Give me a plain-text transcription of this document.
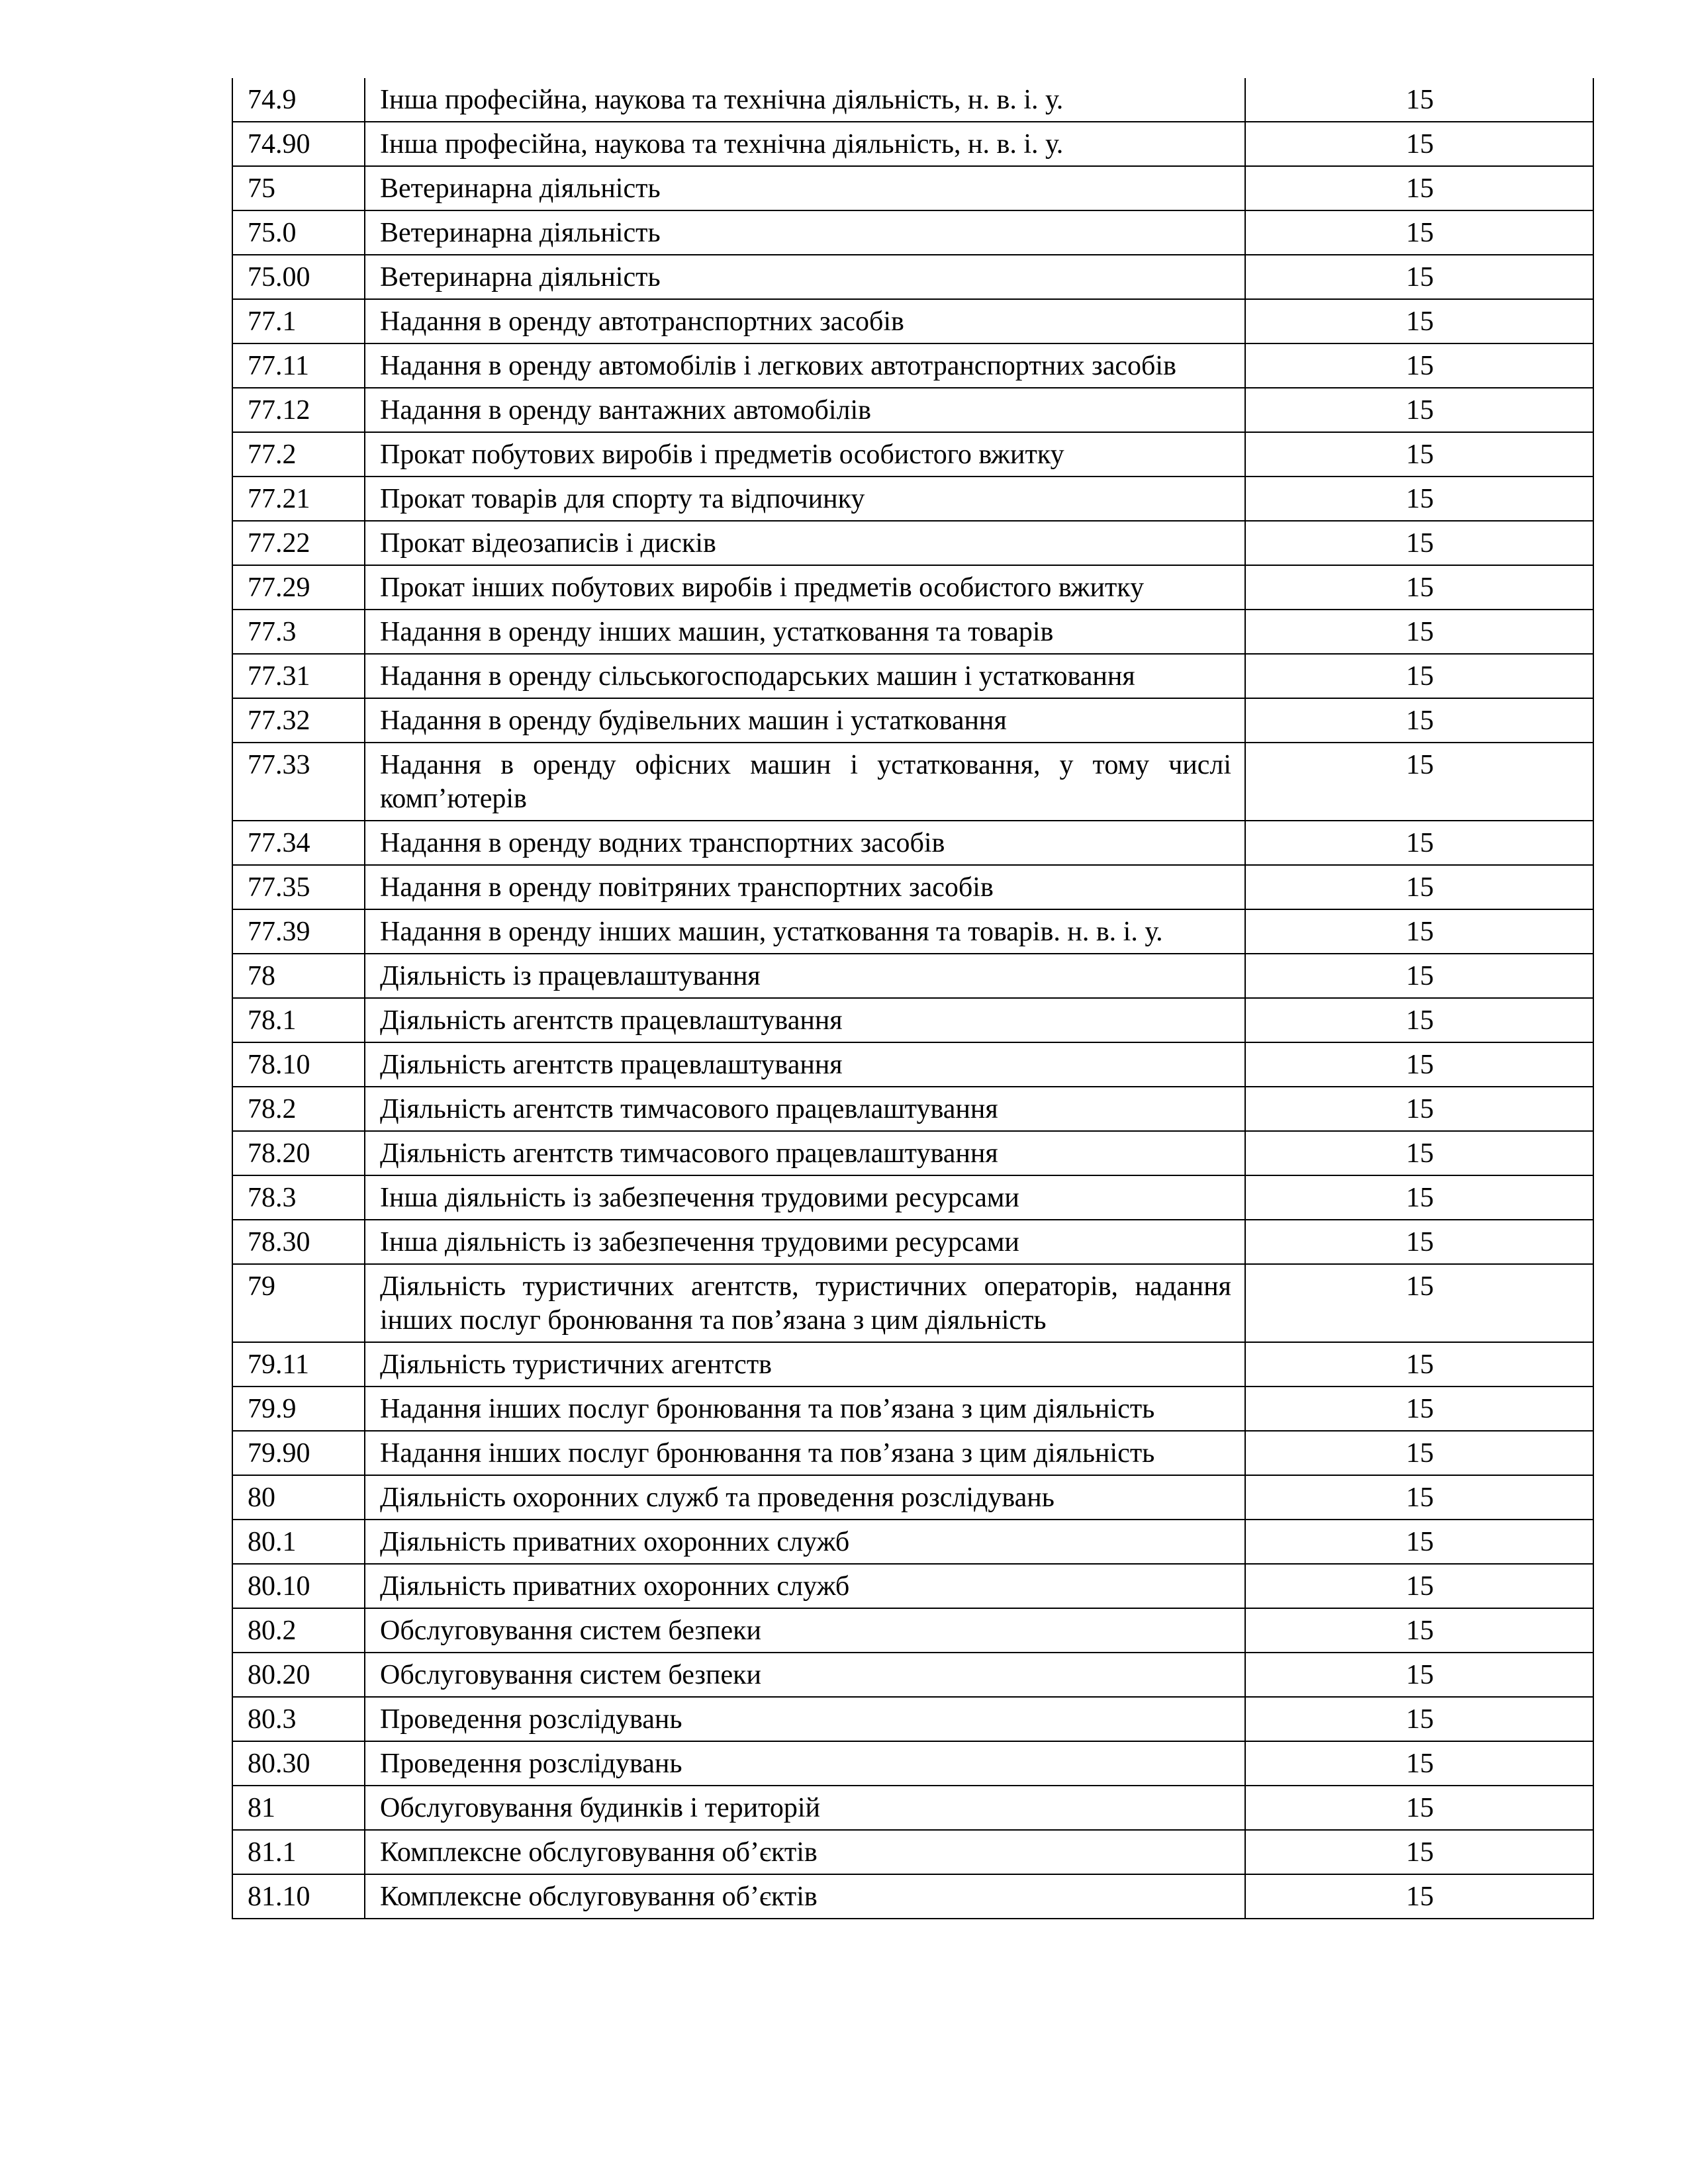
74.9	Інша професійна, наукова та технічна діяльність, н. в. і. у.	15
74.90	Інша професійна, наукова та технічна діяльність, н. в. і. у.	15
75	Ветеринарна діяльність	15
75.0	Ветеринарна діяльність	15
75.00	Ветеринарна діяльність	15
77.1	Надання в оренду автотранспортних засобів	15
77.11	Надання в оренду автомобілів і легкових автотранспортних засобів	15
77.12	Надання в оренду вантажних автомобілів	15
77.2	Прокат побутових виробів і предметів особистого вжитку	15
77.21	Прокат товарів для спорту та відпочинку	15
77.22	Прокат відеозаписів і дисків	15
77.29	Прокат інших побутових виробів і предметів особистого вжитку	15
77.3	Надання в оренду інших машин, устатковання та товарів	15
77.31	Надання в оренду сільськогосподарських машин і устатковання	15
77.32	Надання в оренду будівельних машин і устатковання	15
77.33	Надання в оренду офісних машин і устатковання, у тому числі комп’ютерів	15
77.34	Надання в оренду водних транспортних засобів	15
77.35	Надання в оренду повітряних транспортних засобів	15
77.39	Надання в оренду інших машин, устатковання та товарів. н. в. і. у.	15
78	Діяльність із працевлаштування	15
78.1	Діяльність агентств працевлаштування	15
78.10	Діяльність агентств працевлаштування	15
78.2	Діяльність агентств тимчасового працевлаштування	15
78.20	Діяльність агентств тимчасового працевлаштування	15
78.3	Інша діяльність із забезпечення трудовими ресурсами	15
78.30	Інша діяльність із забезпечення трудовими ресурсами	15
79	Діяльність туристичних агентств, туристичних операторів, надання інших послуг бронювання та пов’язана з цим діяльність	15
79.11	Діяльність туристичних агентств	15
79.9	Надання інших послуг бронювання та пов’язана з цим діяльність	15
79.90	Надання інших послуг бронювання та пов’язана з цим діяльність	15
80	Діяльність охоронних служб та проведення розслідувань	15
80.1	Діяльність приватних охоронних служб	15
80.10	Діяльність приватних охоронних служб	15
80.2	Обслуговування систем безпеки	15
80.20	Обслуговування систем безпеки	15
80.3	Проведення розслідувань	15
80.30	Проведення розслідувань	15
81	Обслуговування будинків і територій	15
81.1	Комплексне обслуговування об’єктів	15
81.10	Комплексне обслуговування об’єктів	15
